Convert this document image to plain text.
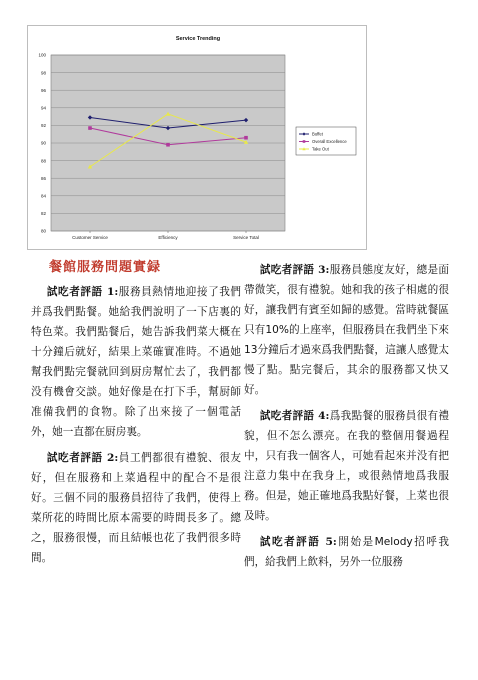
Service Trending
80
82
84
86
88
90
92
94
96
98
100
Customer Service	Efficiency	Service Total
Buffet
Overall Excellence
Take Out
餐館服務問題實録

試吃者評語 1:服務員熱情地迎接了我們并爲我們點餐。她給我們說明了一下店裏的特色菜。我們點餐后，她告訴我們菜大概在十分鐘后就好，結果上菜確實准時。不過她幫我們點完餐就回到厨房幫忙去了，我們都没有機會交談。她好像是在打下手，幫厨師准備我們的食物。除了出來接了一個電話外，她一直都在厨房裏。

試吃者評語 2:員工們都很有禮貌、很友好，但在服務和上菜過程中的配合不是很好。三個不同的服務員招待了我們，使得上菜所花的時間比原本需要的時間長多了。總之，服務很慢，而且結帳也花了我們很多時間。

試吃者評語 3:服務員態度友好，總是面帶微笑，很有禮貌。她和我的孩子相處的很好，讓我們有賓至如歸的感覺。當時就餐區只有10%的上座率，但服務員在我們坐下來13分鐘后才過來爲我們點餐，這讓人感覺太慢了點。點完餐后，其余的服務都又快又好。

試吃者評語 4:爲我點餐的服務員很有禮貌，但不怎么漂亮。在我的整個用餐過程中，只有我一個客人，可她看起來并没有把注意力集中在我身上，或很熱情地爲我服務。但是，她正確地爲我點好餐，上菜也很及時。

試吃者評語 5:開始是Melody招呼我們，給我們上飲料，另外一位服務
